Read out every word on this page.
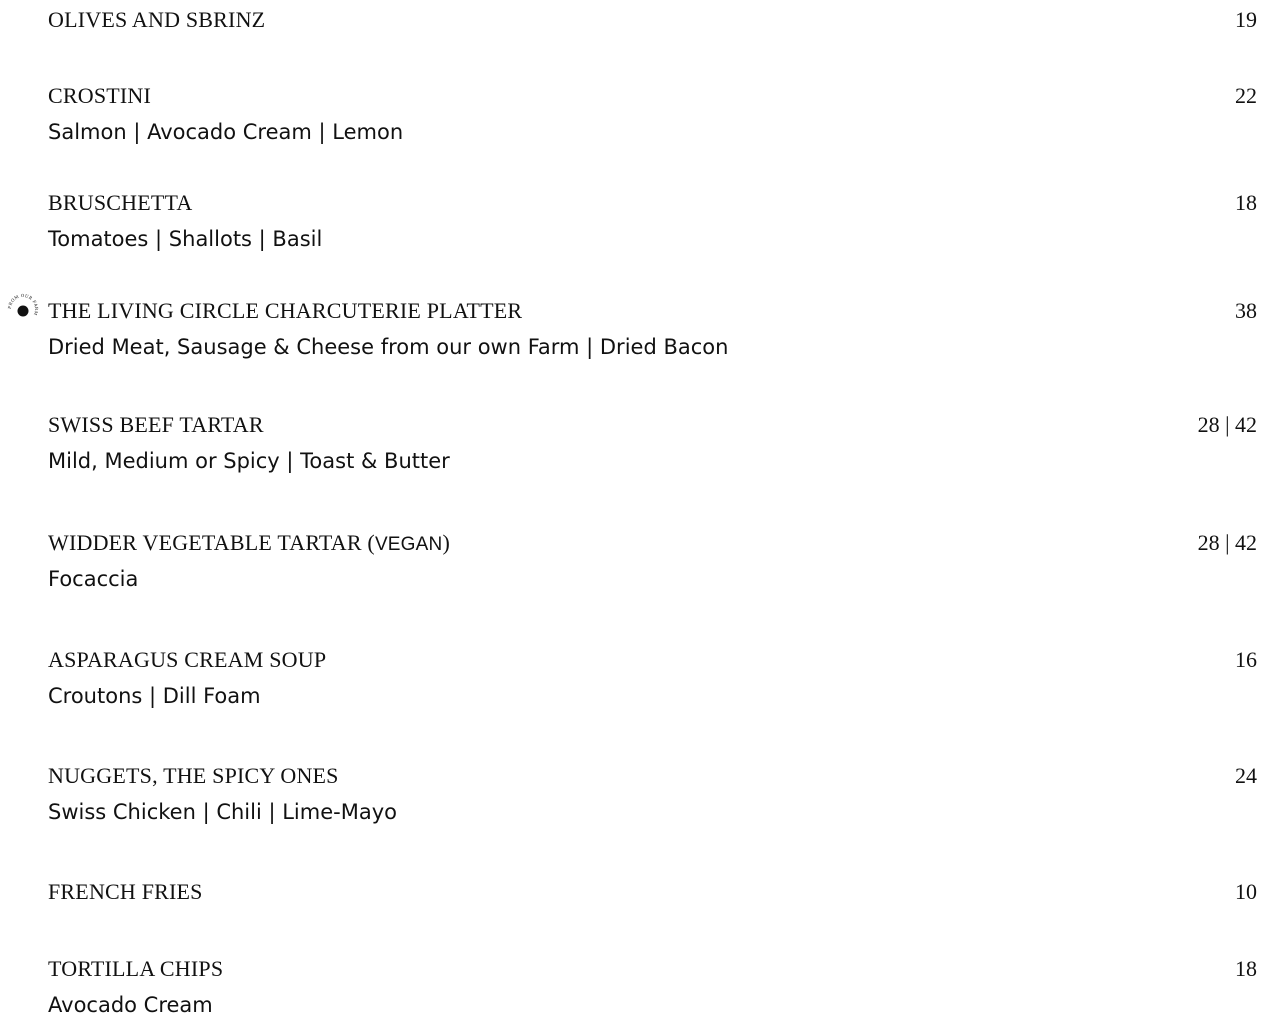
OLIVES AND SBRINZ	19
CROSTINI	22
Salmon | Avocado Cream | Lemon
BRUSCHETTA	18
Tomatoes | Shallots | Basil
FROM OUR FARM THE LIVING CIRCLE CHARCUTERIE PLATTER	38
Dried Meat, Sausage & Cheese from our own Farm | Dried Bacon
SWISS BEEF TARTAR	28 | 42
Mild, Medium or Spicy | Toast & Butter
WIDDER VEGETABLE TARTAR (VEGAN)	28 | 42
Focaccia
ASPARAGUS CREAM SOUP	16
Croutons | Dill Foam
NUGGETS, THE SPICY ONES	24
Swiss Chicken | Chili | Lime-Mayo
FRENCH FRIES	10
TORTILLA CHIPS	18
Avocado Cream
